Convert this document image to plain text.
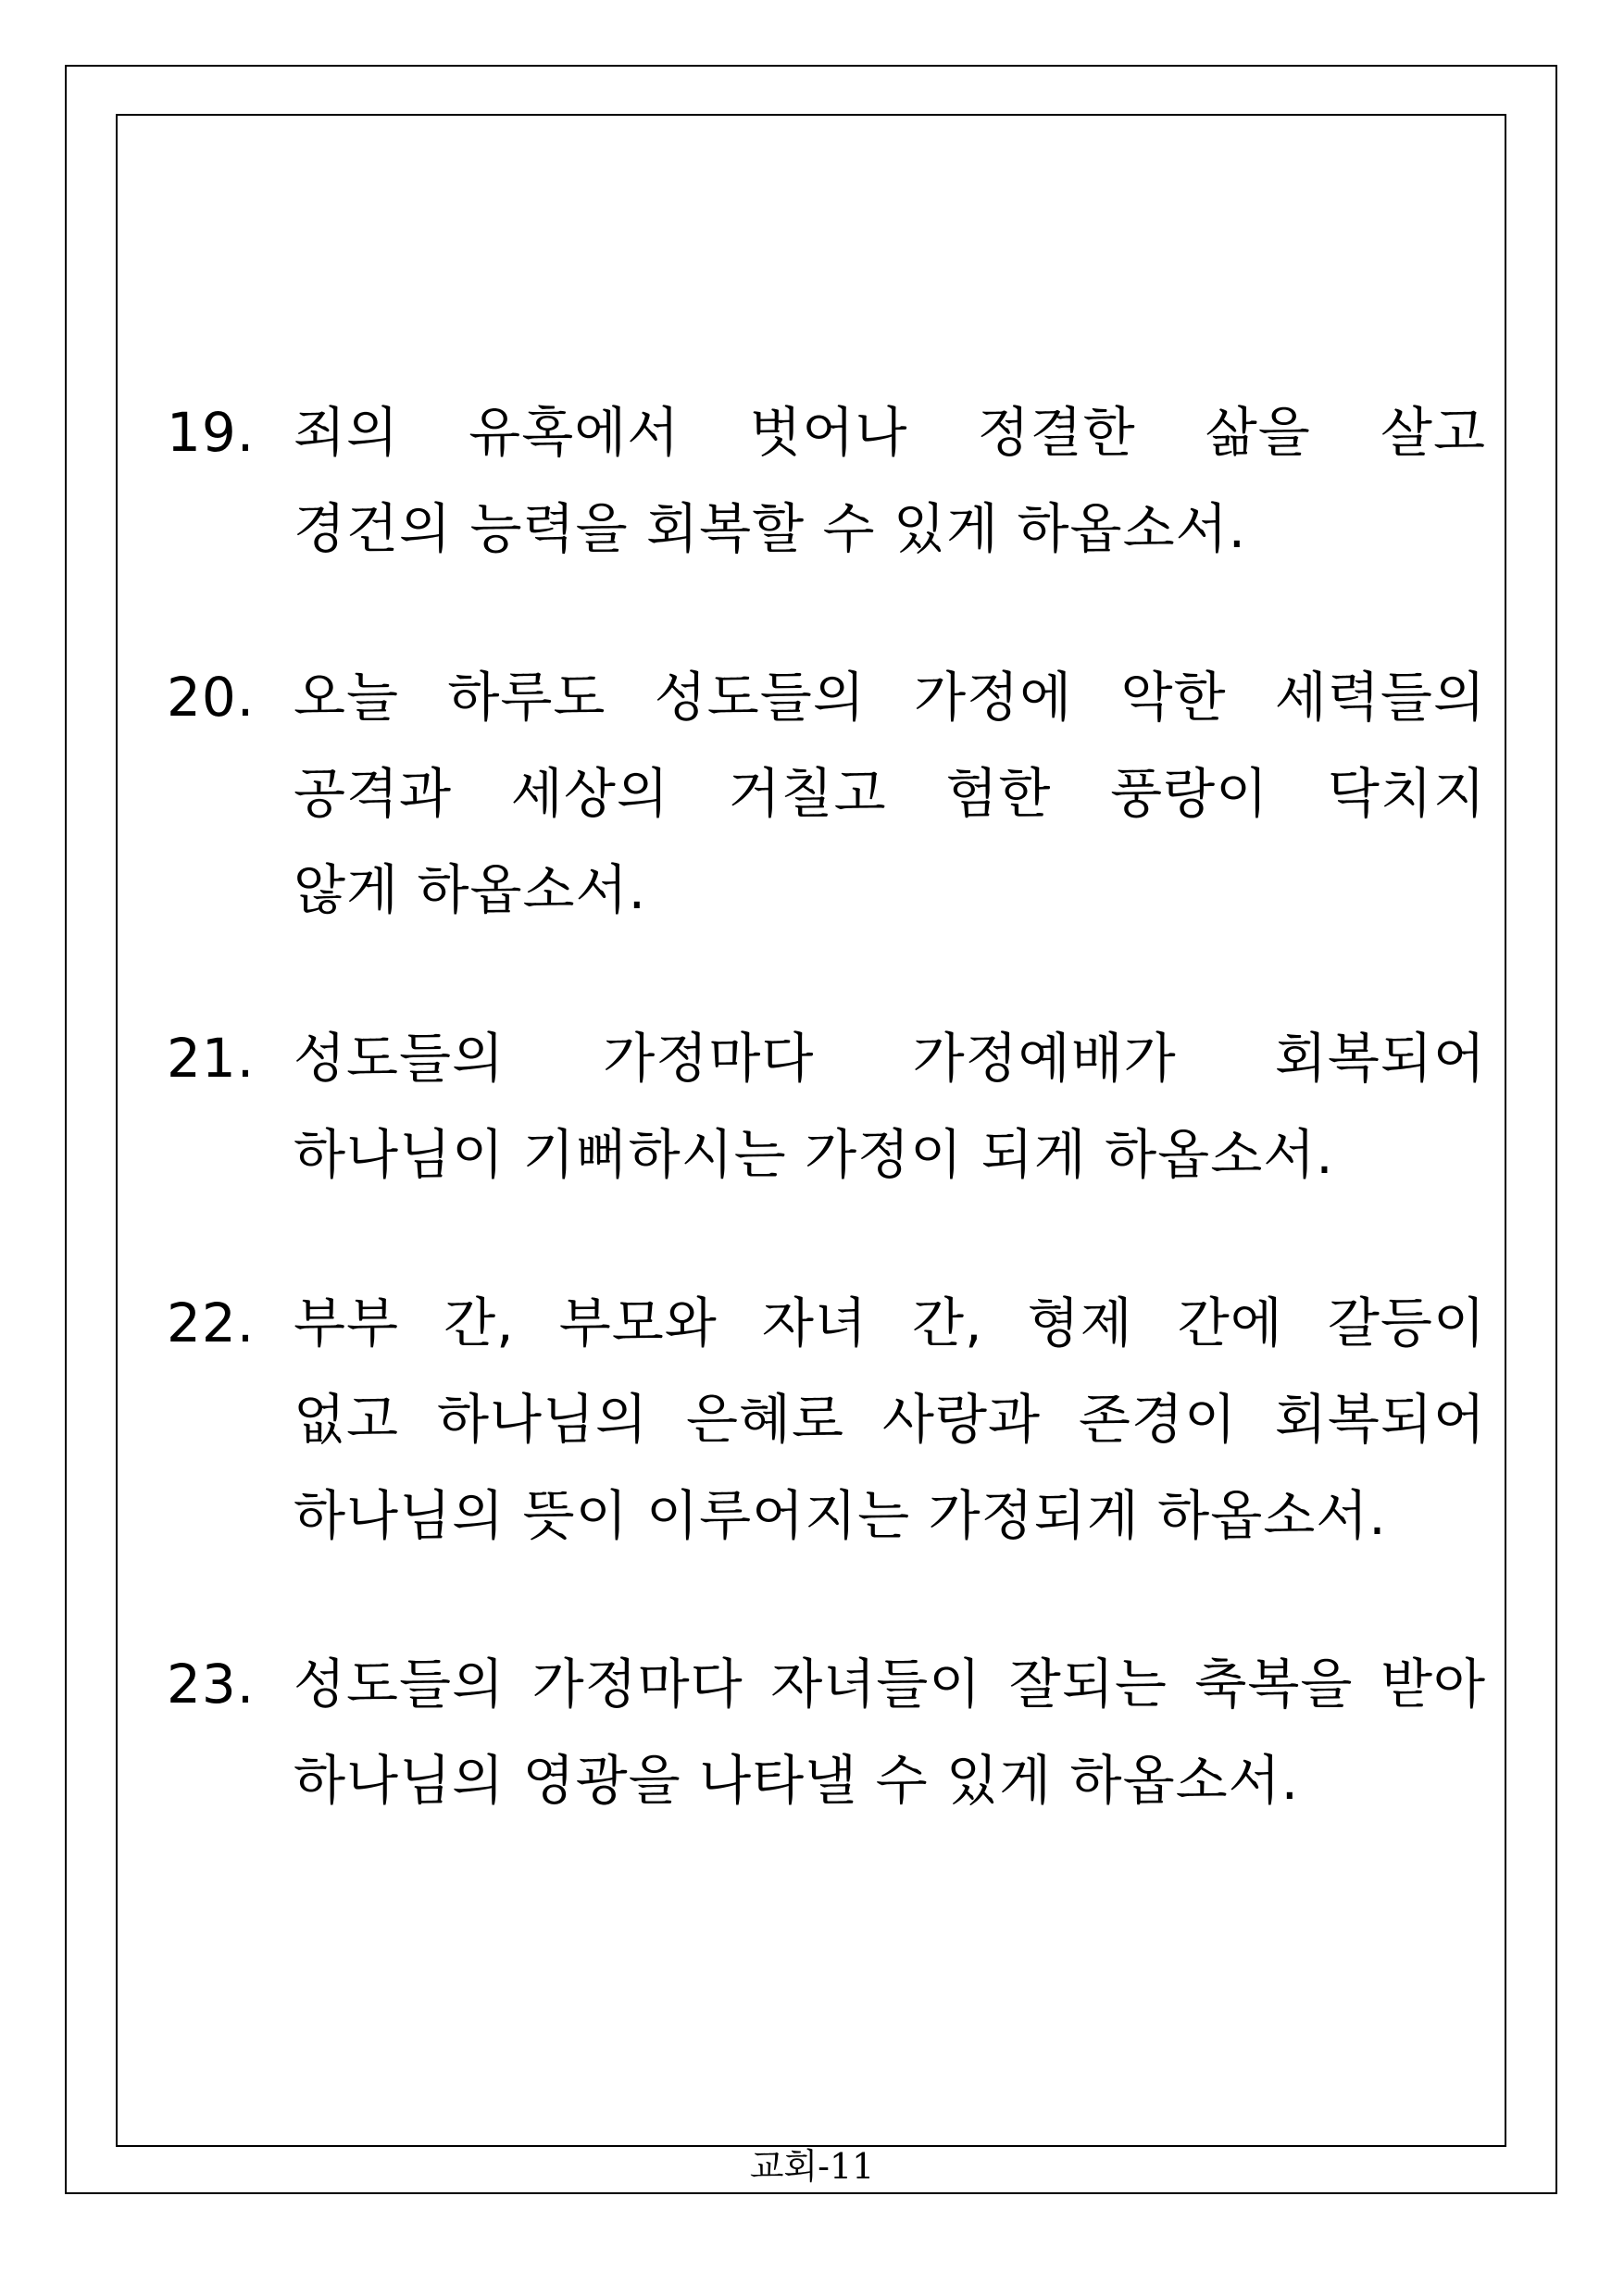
19. 죄의 유혹에서 벗어나 정결한 삶을 살고
경건의 능력을 회복할 수 있게 하옵소서.
20. 오늘 하루도 성도들의 가정에 악한 세력들의
공격과 세상의 거칠고 험한 풍랑이 닥치지
않게 하옵소서.
21. 성도들의 가정마다 가정예배가 회복되어
하나님이 기뻐하시는 가정이 되게 하옵소서.
22. 부부 간, 부모와 자녀 간, 형제 간에 갈등이
없고 하나님의 은혜로 사랑과 존경이 회복되어
하나님의 뜻이 이루어지는 가정되게 하옵소서.
23. 성도들의 가정마다 자녀들이 잘되는 축복을 받아
하나님의 영광을 나타낼 수 있게 하옵소서.
교회-11
